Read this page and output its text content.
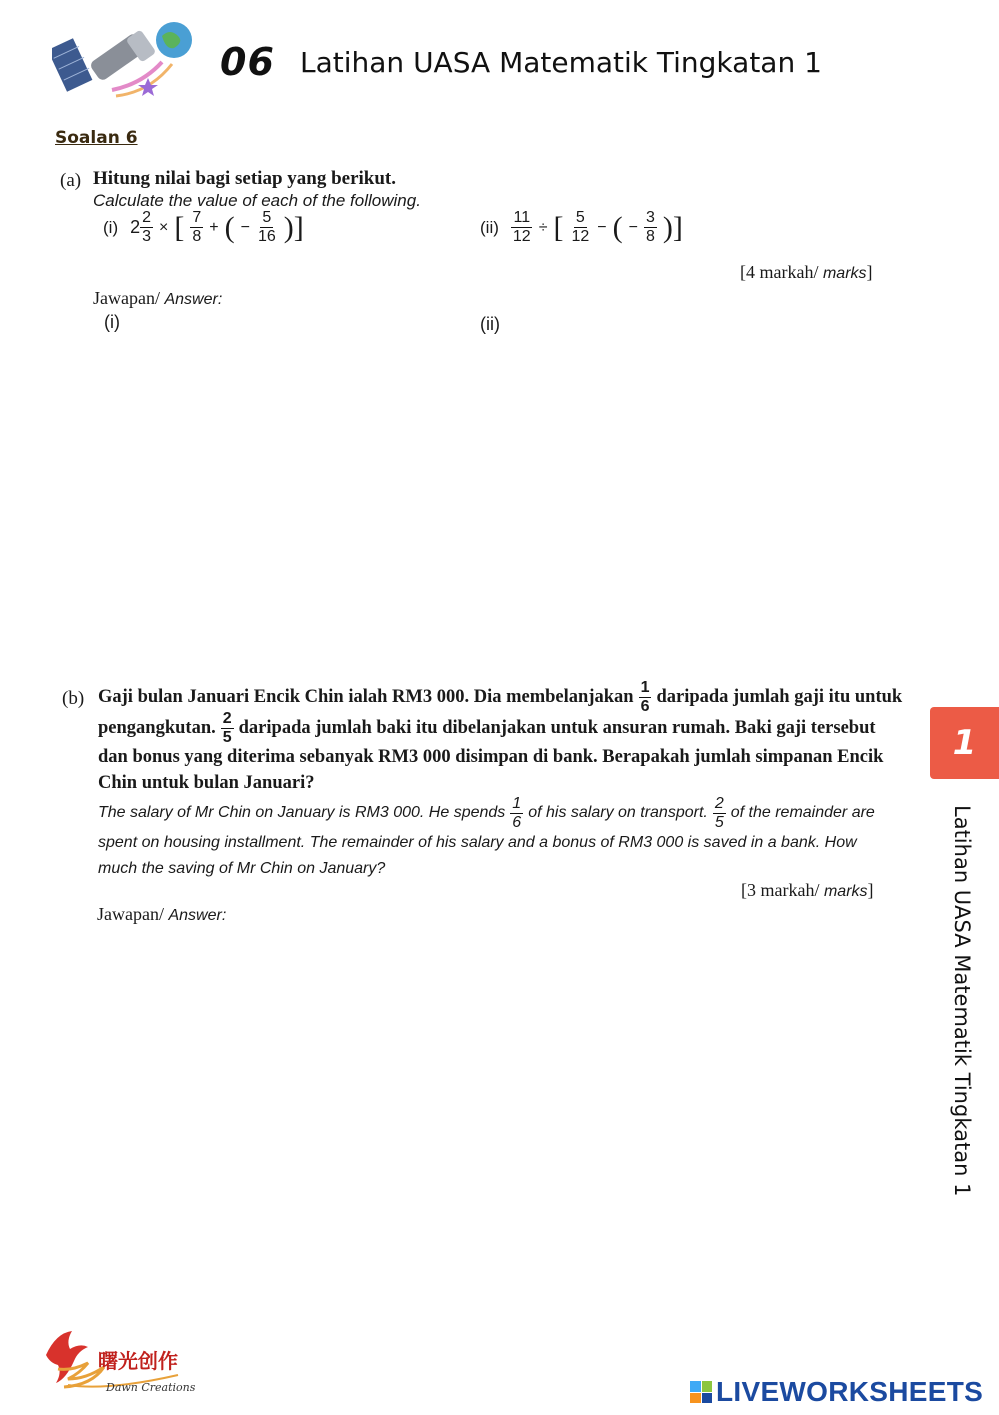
06 Latihan UASA Matematik Tingkatan 1
Soalan 6
(a) Hitung nilai bagi setiap yang berikut.
Calculate the value of each of the following.
(i) $2 \frac{2}{3}$ × [ $\frac{7}{8}$ + ( − $\frac{5}{16}$ )]	$(ii) \frac{11}{12}$ ÷ [ $\frac{5}{12}$ − ( − $\frac{3}{8}$ )]
[4 markah/ marks]
Jawapan/ Answer:
(i)	(ii)
(b) Gaji bulan Januari Encik Chin ialah RM3 000. Dia membelanjakan $\frac{1}{6}$ daripada jumlah gaji itu untuk
pengangkutan. $\frac{2}{5}$ daripada jumlah baki itu dibelanjakan untuk ansuran rumah. Baki gaji tersebut
dan bonus yang diterima sebanyak RM3 000 disimpan di bank. Berapakah jumlah simpanan Encik
Chin untuk bulan Januari?
The salary of Mr Chin on January is RM3 000. He spends $\frac{1}{6}$ of his salary on transport. $\frac{2}{5}$ of the remainder are
spent on housing installment. The remainder of his salary and a bonus of RM3 000 is saved in a bank. How
much the saving of Mr Chin on January?
[3 markah/ marks]
Jawapan/ Answer:
1
Latihan UASA Matematik Tingkatan 1
曙光创作
Dawn Creations	LIVEWORKSHEETS
